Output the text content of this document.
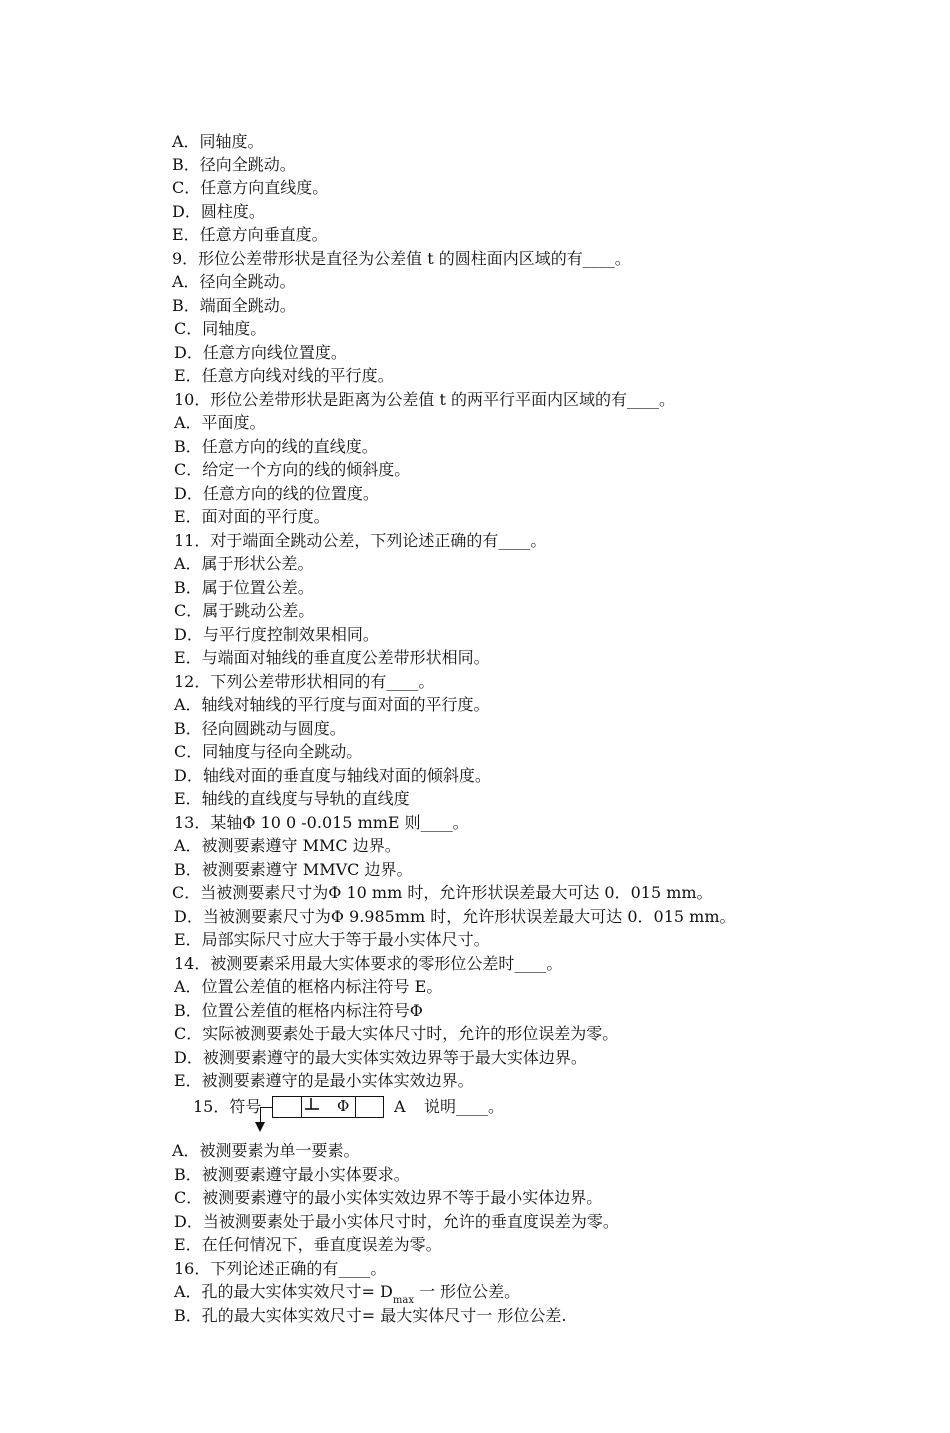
A．同轴度。
B．径向全跳动。
C．任意方向直线度。
D．圆柱度。
E．任意方向垂直度。
9．形位公差带形状是直径为公差值 t 的圆柱面内区域的有____。
A．径向全跳动。
B．端面全跳动。
C．同轴度。
D．任意方向线位置度。
E．任意方向线对线的平行度。
10．形位公差带形状是距离为公差值 t 的两平行平面内区域的有____。
A．平面度。
B．任意方向的线的直线度。
C．给定一个方向的线的倾斜度。
D．任意方向的线的位置度。
E．面对面的平行度。
11．对于端面全跳动公差，下列论述正确的有____。
A．属于形状公差。
B．属于位置公差。
C．属于跳动公差。
D．与平行度控制效果相同。
E．与端面对轴线的垂直度公差带形状相同。
12．下列公差带形状相同的有____。
A．轴线对轴线的平行度与面对面的平行度。
B．径向圆跳动与圆度。
C．同轴度与径向全跳动。
D．轴线对面的垂直度与轴线对面的倾斜度。
E．轴线的直线度与导轨的直线度
13．某轴Φ 10 0 -0.015 mmE 则____。
A．被测要素遵守 MMC 边界。
B．被测要素遵守 MMVC 边界。
C．当被测要素尺寸为Φ 10 mm 时，允许形状误差最大可达 0．015 mm。
D．当被测要素尺寸为Φ 9.985mm 时，允许形状误差最大可达 0．015 mm。
E．局部实际尺寸应大于等于最小实体尺寸。
14．被测要素采用最大实体要求的零形位公差时____。
A．位置公差值的框格内标注符号 E。
B．位置公差值的框格内标注符号Φ
C．实际被测要素处于最大实体尺寸时，允许的形位误差为零。
D．被测要素遵守的最大实体实效边界等于最大实体边界。
E．被测要素遵守的是最小实体实效边界。
15．符号	Φ	A 说明____。
A．被测要素为单一要素。
B．被测要素遵守最小实体要求。
C．被测要素遵守的最小实体实效边界不等于最小实体边界。
D．当被测要素处于最小实体尺寸时，允许的垂直度误差为零。
E．在任何情况下，垂直度误差为零。
16．下列论述正确的有____。
A．孔的最大实体实效尺寸= $D_{max}$ 一 形位公差。
B．孔的最大实体实效尺寸= 最大实体尺寸一 形位公差.
